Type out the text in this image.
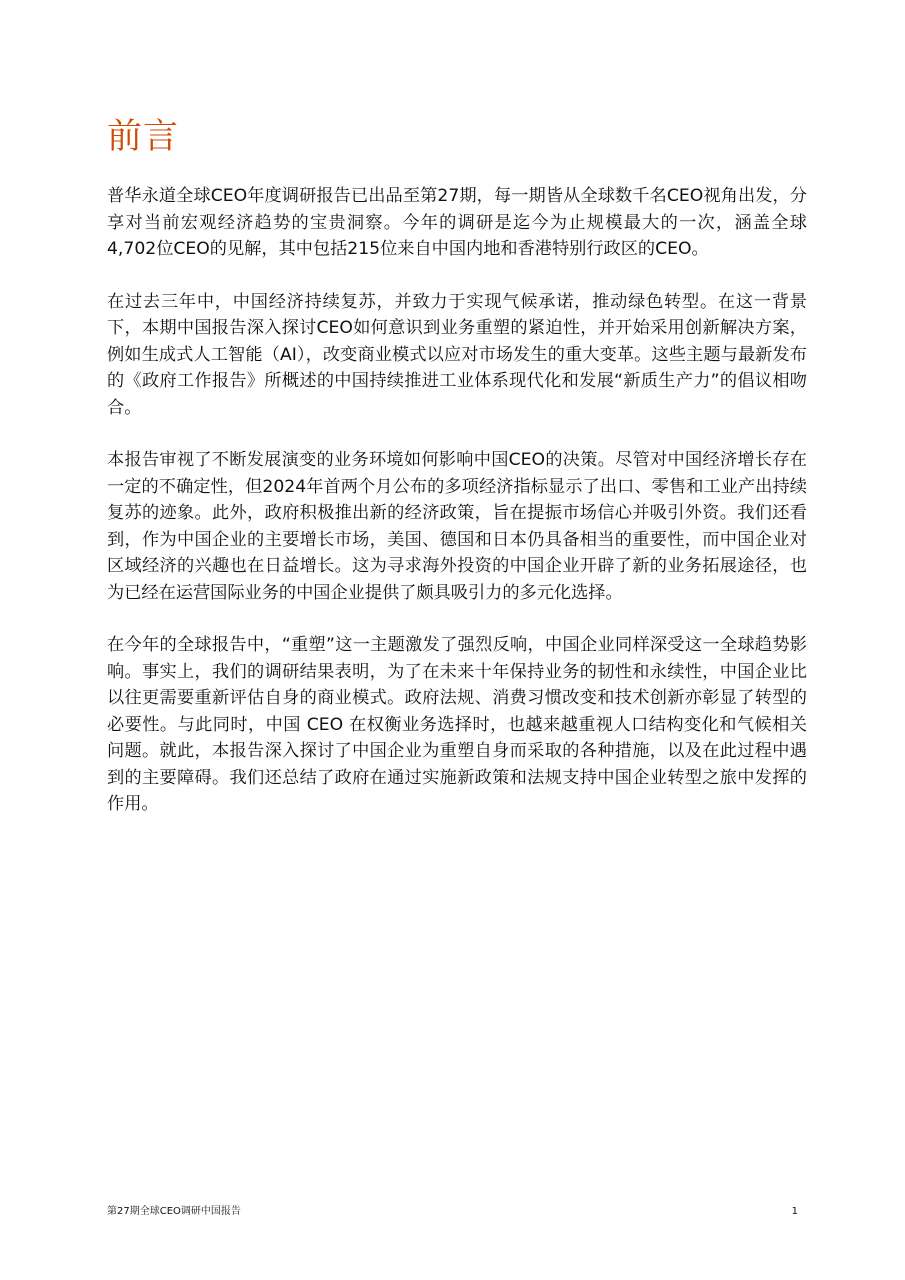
前言

普华永道全球CEO年度调研报告已出品至第27期，每一期皆从全球数千名CEO视角出发，分享对当前宏观经济趋势的宝贵洞察。今年的调研是迄今为止规模最大的一次，涵盖全球4,702位CEO的见解，其中包括215位来自中国内地和香港特别行政区的CEO。

在过去三年中，中国经济持续复苏，并致力于实现气候承诺，推动绿色转型。在这一背景下，本期中国报告深入探讨CEO如何意识到业务重塑的紧迫性，并开始采用创新解决方案，例如生成式人工智能（AI），改变商业模式以应对市场发生的重大变革。这些主题与最新发布的《政府工作报告》所概述的中国持续推进工业体系现代化和发展“新质生产力”的倡议相吻合。

本报告审视了不断发展演变的业务环境如何影响中国CEO的决策。尽管对中国经济增长存在一定的不确定性，但2024年首两个月公布的多项经济指标显示了出口、零售和工业产出持续复苏的迹象。此外，政府积极推出新的经济政策，旨在提振市场信心并吸引外资。我们还看到，作为中国企业的主要增长市场，美国、德国和日本仍具备相当的重要性，而中国企业对区域经济的兴趣也在日益增长。这为寻求海外投资的中国企业开辟了新的业务拓展途径，也为已经在运营国际业务的中国企业提供了颇具吸引力的多元化选择。

在今年的全球报告中，“重塑”这一主题激发了强烈反响，中国企业同样深受这一全球趋势影响。事实上，我们的调研结果表明，为了在未来十年保持业务的韧性和永续性，中国企业比以往更需要重新评估自身的商业模式。政府法规、消费习惯改变和技术创新亦彰显了转型的必要性。与此同时，中国 CEO 在权衡业务选择时，也越来越重视人口结构变化和气候相关问题。就此，本报告深入探讨了中国企业为重塑自身而采取的各种措施，以及在此过程中遇到的主要障碍。我们还总结了政府在通过实施新政策和法规支持中国企业转型之旅中发挥的作用。

第27期全球CEO调研中国报告	1
